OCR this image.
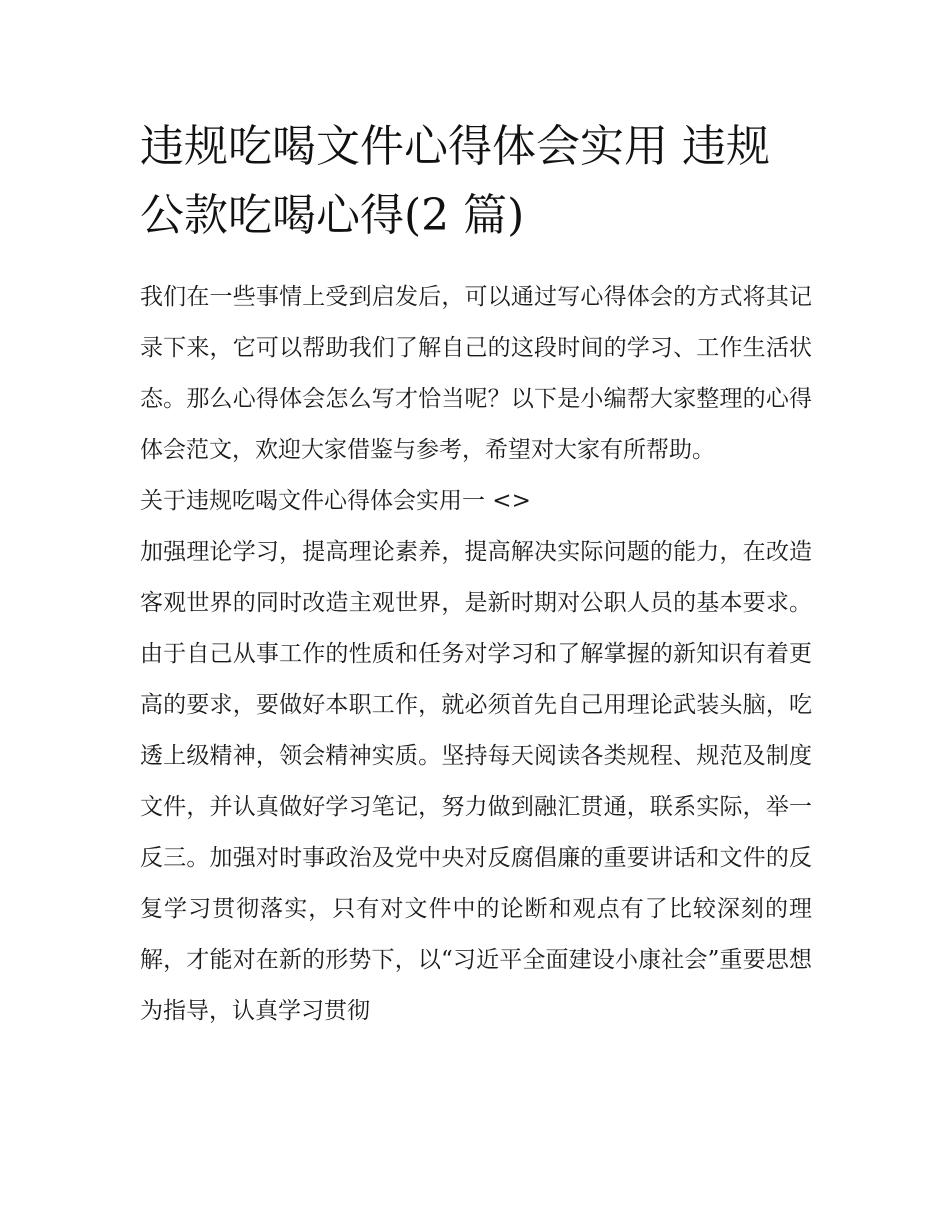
违规吃喝文件心得体会实用 违规公款吃喝心得(2 篇)

我们在一些事情上受到启发后，可以通过写心得体会的方式将其记录下来，它可以帮助我们了解自己的这段时间的学习、工作生活状态。那么心得体会怎么写才恰当呢？以下是小编帮大家整理的心得体会范文，欢迎大家借鉴与参考，希望对大家有所帮助。

关于违规吃喝文件心得体会实用一 <>

加强理论学习，提高理论素养，提高解决实际问题的能力，在改造客观世界的同时改造主观世界，是新时期对公职人员的基本要求。由于自己从事工作的性质和任务对学习和了解掌握的新知识有着更高的要求，要做好本职工作，就必须首先自己用理论武装头脑，吃透上级精神，领会精神实质。坚持每天阅读各类规程、规范及制度文件，并认真做好学习笔记，努力做到融汇贯通，联系实际，举一反三。加强对时事政治及党中央对反腐倡廉的重要讲话和文件的反复学习贯彻落实，只有对文件中的论断和观点有了比较深刻的理解，才能对在新的形势下，以“习近平全面建设小康社会”重要思想为指导，认真学习贯彻
